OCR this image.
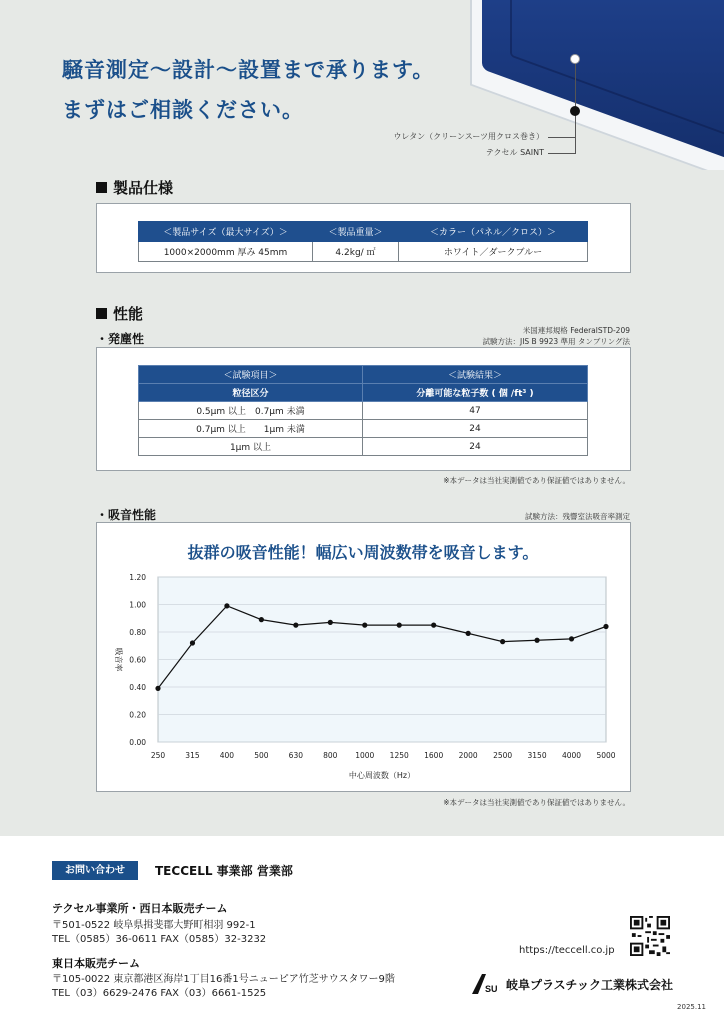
騒音測定～設計～設置まで承ります。
まずはご相談ください。
ウレタン（クリーンスーツ用クロス巻き）
テクセル SAINT
製品仕様
＜製品サイズ（最大サイズ）＞	＜製品重量＞	＜カラー（パネル／クロス）＞
1000×2000mm 厚み 45mm	4.2kg/ ㎡	ホワイト／ダークブルー
性能
・発塵性
米国連邦規格 FederalSTD-209
試験方法：JIS B 9923 準用 タンブリング法
＜試験項目＞	＜試験結果＞
粒径区分	分離可能な粒子数 ( 個 /ft³ )
0.5μm 以上　0.7μm 未満	47
0.7μm 以上　　1μm 未満	24
1μm 以上	24
※本データは当社実測値であり保証値ではありません。
・吸音性能	試験方法：残響室法吸音率測定
抜群の吸音性能！幅広い周波数帯を吸音します。
0.00
0.20
0.40
0.60
0.80
1.00
1.20
250	315	400	500	630	800 1000 1250 1600 2000 2500 3150 4000 5000
吸音率
中心周波数（Hz）
※本データは当社実測値であり保証値ではありません。
お問い合わせ	TECCELL 事業部 営業部
テクセル事業所・西日本販売チーム
〒501-0522 岐阜県揖斐郡大野町相羽 992-1
TEL（0585）36-0611 FAX（0585）32-3232
東日本販売チーム
〒105-0022 東京都港区海岸1丁目16番1号ニューピア竹芝サウスタワー9階
TEL（03）6629-2476 FAX（03）6661-1525
https://teccell.co.jp
SU 岐阜プラスチック工業株式会社
2025.11
